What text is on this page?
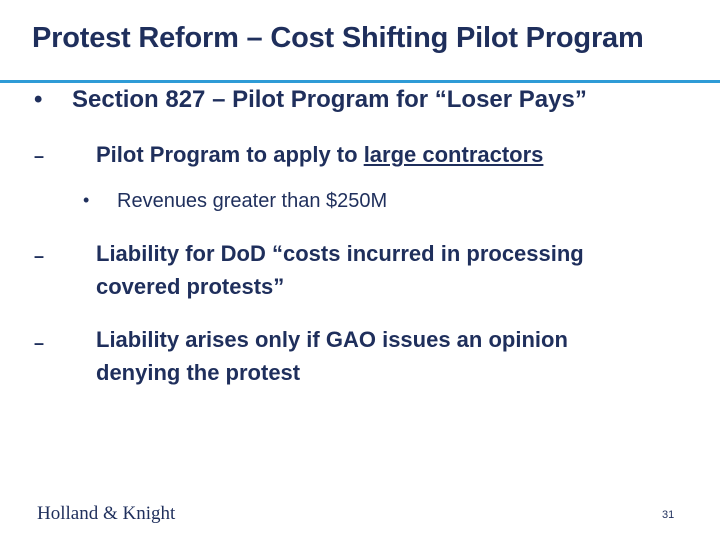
Protest Reform – Cost Shifting Pilot Program
• Section 827 – Pilot Program for “Loser Pays”
– Pilot Program to apply to large contractors
• Revenues greater than $250M
– Liability for DoD “costs incurred in processing covered protests”
– Liability arises only if GAO issues an opinion denying the protest
Holland & Knight	31
